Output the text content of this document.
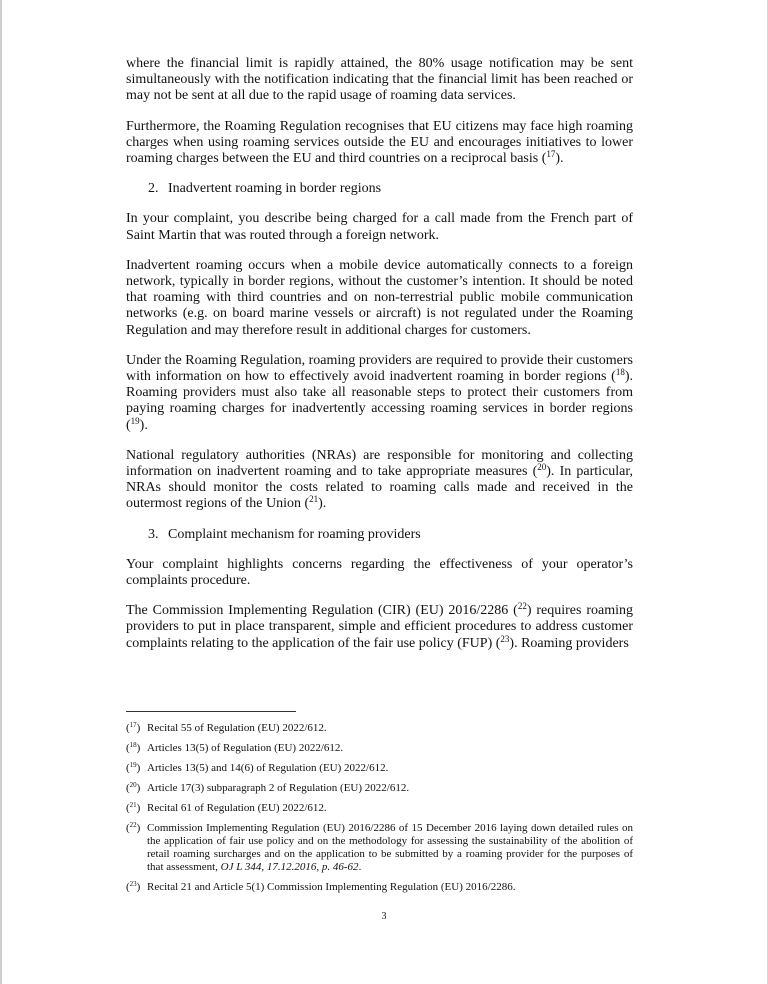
where the financial limit is rapidly attained, the 80% usage notification may be sent simultaneously with the notification indicating that the financial limit has been reached or may not be sent at all due to the rapid usage of roaming data services.

Furthermore, the Roaming Regulation recognises that EU citizens may face high roaming charges when using roaming services outside the EU and encourages initiatives to lower roaming charges between the EU and third countries on a reciprocal basis ($^{17}$).

2. Inadvertent roaming in border regions

In your complaint, you describe being charged for a call made from the French part of Saint Martin that was routed through a foreign network.

Inadvertent roaming occurs when a mobile device automatically connects to a foreign network, typically in border regions, without the customer’s intention. It should be noted that roaming with third countries and on non-terrestrial public mobile communication networks (e.g. on board marine vessels or aircraft) is not regulated under the Roaming Regulation and may therefore result in additional charges for customers.

Under the Roaming Regulation, roaming providers are required to provide their customers with information on how to effectively avoid inadvertent roaming in border regions ($^{18}$). Roaming providers must also take all reasonable steps to protect their customers from paying roaming charges for inadvertently accessing roaming services in border regions ($^{19}$).

National regulatory authorities (NRAs) are responsible for monitoring and collecting information on inadvertent roaming and to take appropriate measures ($^{20}$). In particular, NRAs should monitor the costs related to roaming calls made and received in the outermost regions of the Union ($^{21}$).

3. Complaint mechanism for roaming providers

Your complaint highlights concerns regarding the effectiveness of your operator’s complaints procedure.

The Commission Implementing Regulation (CIR) (EU) 2016/2286 ($^{22}$) requires roaming providers to put in place transparent, simple and efficient procedures to address customer complaints relating to the application of the fair use policy (FUP) ($^{23}$). Roaming providers

($^{17}$) Recital 55 of Regulation (EU) 2022/612.
($^{18}$) Articles 13(5) of Regulation (EU) 2022/612.
($^{19}$) Articles 13(5) and 14(6) of Regulation (EU) 2022/612.
($^{20}$) Article 17(3) subparagraph 2 of Regulation (EU) 2022/612.
($^{21}$) Recital 61 of Regulation (EU) 2022/612.
($^{22}$) Commission Implementing Regulation (EU) 2016/2286 of 15 December 2016 laying down detailed rules on the application of fair use policy and on the methodology for assessing the sustainability of the abolition of retail roaming surcharges and on the application to be submitted by a roaming provider for the purposes of that assessment, OJ L 344, 17.12.2016, p. 46-62.
($^{23}$) Recital 21 and Article 5(1) Commission Implementing Regulation (EU) 2016/2286.
3
